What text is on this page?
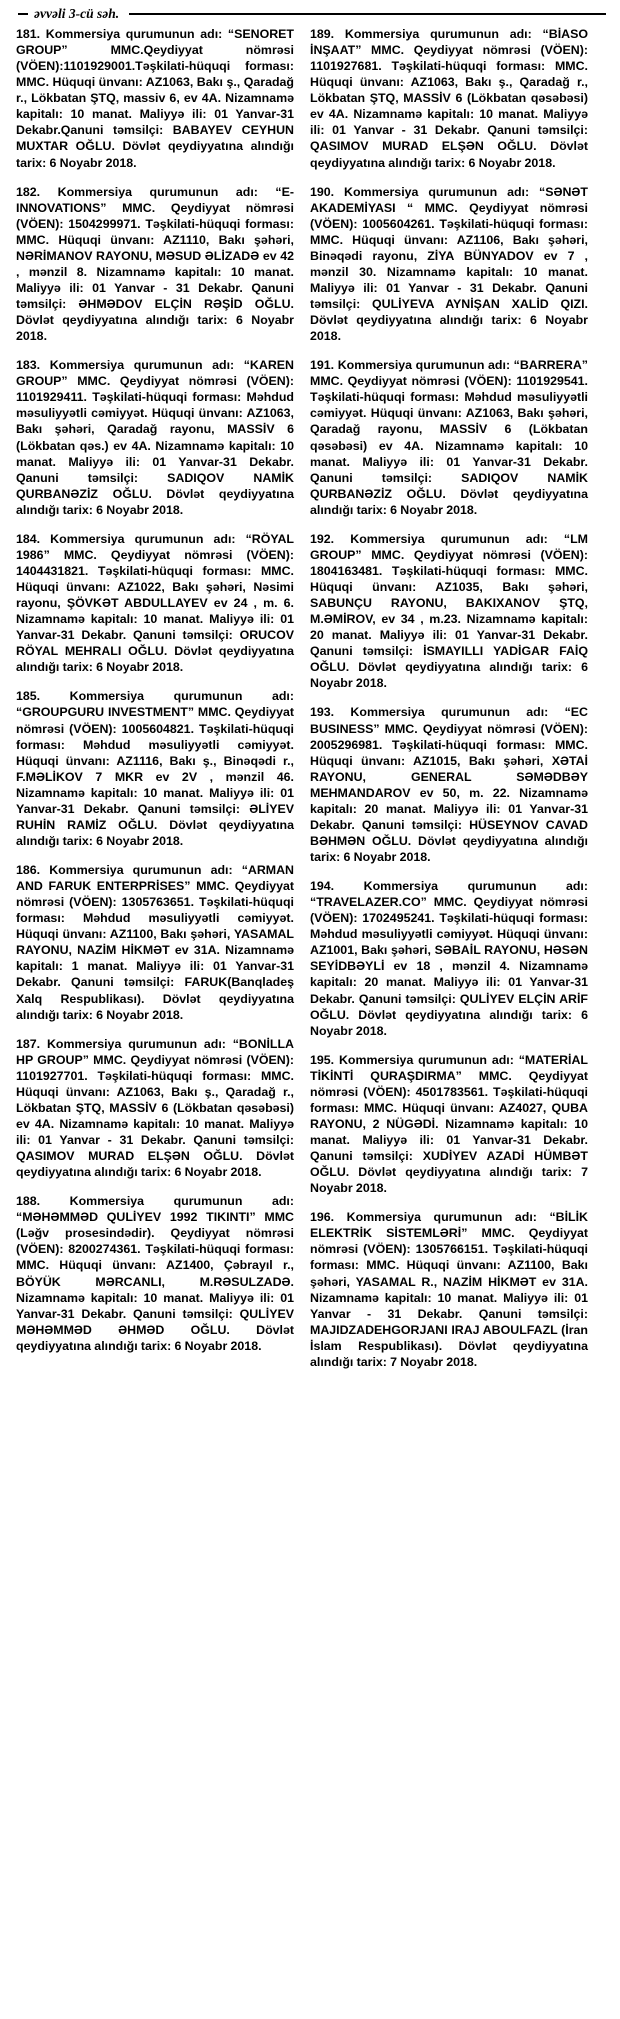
əvvəli 3-cü səh.

181. Kommersiya qurumunun adı: “SENORET GROUP” MMC.Qeydiyyat nömrəsi (VÖEN):1101929001.Təşkilati-hüquqi forması: MMC. Hüquqi ünvanı: AZ1063, Bakı ş., Qaradağ r., Lökbatan ŞTQ, massiv 6, ev 4A. Nizamnamə kapitalı: 10 manat. Maliyyə ili: 01 Yanvar-31 Dekabr.Qanuni təmsilçi: BABAYEV CEYHUN MUXTAR OĞLU. Dövlət qeydiyyatına alındığı tarix: 6 Noyabr 2018.

182. Kommersiya qurumunun adı: “E-INNOVATIONS” MMC. Qeydiyyat nömrəsi (VÖEN): 1504299971. Təşkilati-hüquqi forması: MMC. Hüquqi ünvanı: AZ1110, Bakı şəhəri, NƏRİMANOV RAYONU, MƏSUD ƏLİZADƏ ev 42 , mənzil 8. Nizamnamə kapitalı: 10 manat. Maliyyə ili: 01 Yanvar - 31 Dekabr. Qanuni təmsilçi: ƏHMƏDOV ELÇİN RƏŞİD OĞLU. Dövlət qeydiyyatına alındığı tarix: 6 Noyabr 2018.

183. Kommersiya qurumunun adı: “KAREN GROUP” MMC. Qeydiyyat nömrəsi (VÖEN): 1101929411. Təşkilati-hüquqi forması: Məhdud məsuliyyətli cəmiyyət. Hüquqi ünvanı: AZ1063, Bakı şəhəri, Qaradağ rayonu, MASSİV 6 (Lökbatan qəs.) ev 4A. Nizamnamə kapitalı: 10 manat. Maliyyə ili: 01 Yanvar-31 Dekabr. Qanuni təmsilçi: SADIQOV NAMİK QURBANƏZİZ OĞLU. Dövlət qeydiyyatına alındığı tarix: 6 Noyabr 2018.

184. Kommersiya qurumunun adı: “RÖYAL 1986” MMC. Qeydiyyat nömrəsi (VÖEN): 1404431821. Təşkilati-hüquqi forması: MMC. Hüquqi ünvanı: AZ1022, Bakı şəhəri, Nəsimi rayonu, ŞÖVKƏT ABDULLAYEV ev 24 , m. 6. Nizamnamə kapitalı: 10 manat. Maliyyə ili: 01 Yanvar-31 Dekabr. Qanuni təmsilçi: ORUCOV RÖYAL MEHRALI OĞLU. Dövlət qeydiyyatına alındığı tarix: 6 Noyabr 2018.

185. Kommersiya qurumunun adı: “GROUPGURU INVESTMENT” MMC. Qeydiyyat nömrəsi (VÖEN): 1005604821. Təşkilati-hüquqi forması: Məhdud məsuliyyətli cəmiyyət. Hüquqi ünvanı: AZ1116, Bakı ş., Binəqədi r., F.MƏLİKOV 7 MKR ev 2V , mənzil 46. Nizamnamə kapitalı: 10 manat. Maliyyə ili: 01 Yanvar-31 Dekabr. Qanuni təmsilçi: ƏLİYEV RUHİN RAMİZ OĞLU. Dövlət qeydiyyatına alındığı tarix: 6 Noyabr 2018.

186. Kommersiya qurumunun adı: “ARMAN AND FARUK ENTERPRİSES” MMC. Qeydiyyat nömrəsi (VÖEN): 1305763651. Təşkilati-hüquqi forması: Məhdud məsuliyyətli cəmiyyət. Hüquqi ünvanı: AZ1100, Bakı şəhəri, YASAMAL RAYONU, NAZİM HİKMƏT ev 31A. Nizamnamə kapitalı: 1 manat. Maliyyə ili: 01 Yanvar-31 Dekabr. Qanuni təmsilçi: FARUK(Banqladeş Xalq Respublikası). Dövlət qeydiyyatına alındığı tarix: 6 Noyabr 2018.

187. Kommersiya qurumunun adı: “BONİLLA HP GROUP” MMC. Qeydiyyat nömrəsi (VÖEN): 1101927701. Təşkilati-hüquqi forması: MMC. Hüquqi ünvanı: AZ1063, Bakı ş., Qaradağ r., Lökbatan ŞTQ, MASSİV 6 (Lökbatan qəsəbəsi) ev 4A. Nizamnamə kapitalı: 10 manat. Maliyyə ili: 01 Yanvar - 31 Dekabr. Qanuni təmsilçi: QASIMOV MURAD ELŞƏN OĞLU. Dövlət qeydiyyatına alındığı tarix: 6 Noyabr 2018.

188. Kommersiya qurumunun adı: “MƏHƏMMƏD QULİYEV 1992 TIKINTI” MMC (Ləğv prosesindədir). Qeydiyyat nömrəsi (VÖEN): 8200274361. Təşkilati-hüquqi forması: MMC. Hüquqi ünvanı: AZ1400, Çəbrayıl r., BÖYÜK MƏRCANLI, M.RƏSULZADƏ. Nizamnamə kapitalı: 10 manat. Maliyyə ili: 01 Yanvar-31 Dekabr. Qanuni təmsilçi: QULİYEV MƏHƏMMƏD ƏHMƏD OĞLU. Dövlət qeydiyyatına alındığı tarix: 6 Noyabr 2018.

189. Kommersiya qurumunun adı: “BİASO İNŞAAT” MMC. Qeydiyyat nömrəsi (VÖEN): 1101927681. Təşkilati-hüquqi forması: MMC. Hüquqi ünvanı: AZ1063, Bakı ş., Qaradağ r., Lökbatan ŞTQ, MASSİV 6 (Lökbatan qəsəbəsi) ev 4A. Nizamnamə kapitalı: 10 manat. Maliyyə ili: 01 Yanvar - 31 Dekabr. Qanuni təmsilçi: QASIMOV MURAD ELŞƏN OĞLU. Dövlət qeydiyyatına alındığı tarix: 6 Noyabr 2018.

190. Kommersiya qurumunun adı: “SƏNƏT AKADEMİYASI “ MMC. Qeydiyyat nömrəsi (VÖEN): 1005604261. Təşkilati-hüquqi forması: MMC. Hüquqi ünvanı: AZ1106, Bakı şəhəri, Binəqədi rayonu, ZİYA BÜNYADOV ev 7 , mənzil 30. Nizamnamə kapitalı: 10 manat. Maliyyə ili: 01 Yanvar - 31 Dekabr. Qanuni təmsilçi: QULİYEVA AYNİŞAN XALİD QIZI. Dövlət qeydiyyatına alındığı tarix: 6 Noyabr 2018.

191. Kommersiya qurumunun adı: “BARRERA” MMC. Qeydiyyat nömrəsi (VÖEN): 1101929541. Təşkilati-hüquqi forması: Məhdud məsuliyyətli cəmiyyət. Hüquqi ünvanı: AZ1063, Bakı şəhəri, Qaradağ rayonu, MASSİV 6 (Lökbatan qəsəbəsi) ev 4A. Nizamnamə kapitalı: 10 manat. Maliyyə ili: 01 Yanvar-31 Dekabr. Qanuni təmsilçi: SADIQOV NAMİK QURBANƏZİZ OĞLU. Dövlət qeydiyyatına alındığı tarix: 6 Noyabr 2018.

192. Kommersiya qurumunun adı: “LM GROUP” MMC. Qeydiyyat nömrəsi (VÖEN): 1804163481. Təşkilati-hüquqi forması: MMC. Hüquqi ünvanı: AZ1035, Bakı şəhəri, SABUNÇU RAYONU, BAKIXANOV ŞTQ, M.ƏMİROV, ev 34 , m.23. Nizamnamə kapitalı: 20 manat. Maliyyə ili: 01 Yanvar-31 Dekabr. Qanuni təmsilçi: İSMAYILLI YADİGAR FAİQ OĞLU. Dövlət qeydiyyatına alındığı tarix: 6 Noyabr 2018.

193. Kommersiya qurumunun adı: “EC BUSINESS” MMC. Qeydiyyat nömrəsi (VÖEN): 2005296981. Təşkilati-hüquqi forması: MMC. Hüquqi ünvanı: AZ1015, Bakı şəhəri, XƏTAİ RAYONU, GENERAL SƏMƏDBƏY MEHMANDAROV ev 50, m. 22. Nizamnamə kapitalı: 20 manat. Maliyyə ili: 01 Yanvar-31 Dekabr. Qanuni təmsilçi: HÜSEYNOV CAVAD BƏHMƏN OĞLU. Dövlət qeydiyyatına alındığı tarix: 6 Noyabr 2018.

194. Kommersiya qurumunun adı: “TRAVELAZER.CO” MMC. Qeydiyyat nömrəsi (VÖEN): 1702495241. Təşkilati-hüquqi forması: Məhdud məsuliyyətli cəmiyyət. Hüquqi ünvanı: AZ1001, Bakı şəhəri, SƏBAİL RAYONU, HƏSƏN SEYİDBƏYLİ ev 18 , mənzil 4. Nizamnamə kapitalı: 20 manat. Maliyyə ili: 01 Yanvar-31 Dekabr. Qanuni təmsilçi: QULİYEV ELÇİN ARİF OĞLU. Dövlət qeydiyyatına alındığı tarix: 6 Noyabr 2018.

195. Kommersiya qurumunun adı: “MATERİAL TİKİNTİ QURAŞDIRMA” MMC. Qeydiyyat nömrəsi (VÖEN): 4501783561. Təşkilati-hüquqi forması: MMC. Hüquqi ünvanı: AZ4027, QUBA RAYONU, 2 NÜGƏDİ. Nizamnamə kapitalı: 10 manat. Maliyyə ili: 01 Yanvar-31 Dekabr. Qanuni təmsilçi: XUDİYEV AZADİ HÜMBƏT OĞLU. Dövlət qeydiyyatına alındığı tarix: 7 Noyabr 2018.

196. Kommersiya qurumunun adı: “BİLİK ELEKTRİK SİSTEMLƏRİ” MMC. Qeydiyyat nömrəsi (VÖEN): 1305766151. Təşkilati-hüquqi forması: MMC. Hüquqi ünvanı: AZ1100, Bakı şəhəri, YASAMAL R., NAZİM HİKMƏT ev 31A. Nizamnamə kapitalı: 10 manat. Maliyyə ili: 01 Yanvar - 31 Dekabr. Qanuni təmsilçi: MAJIDZADEHGORJANI IRAJ ABOULFAZL (İran İslam Respublikası). Dövlət qeydiyyatına alındığı tarix: 7 Noyabr 2018.
